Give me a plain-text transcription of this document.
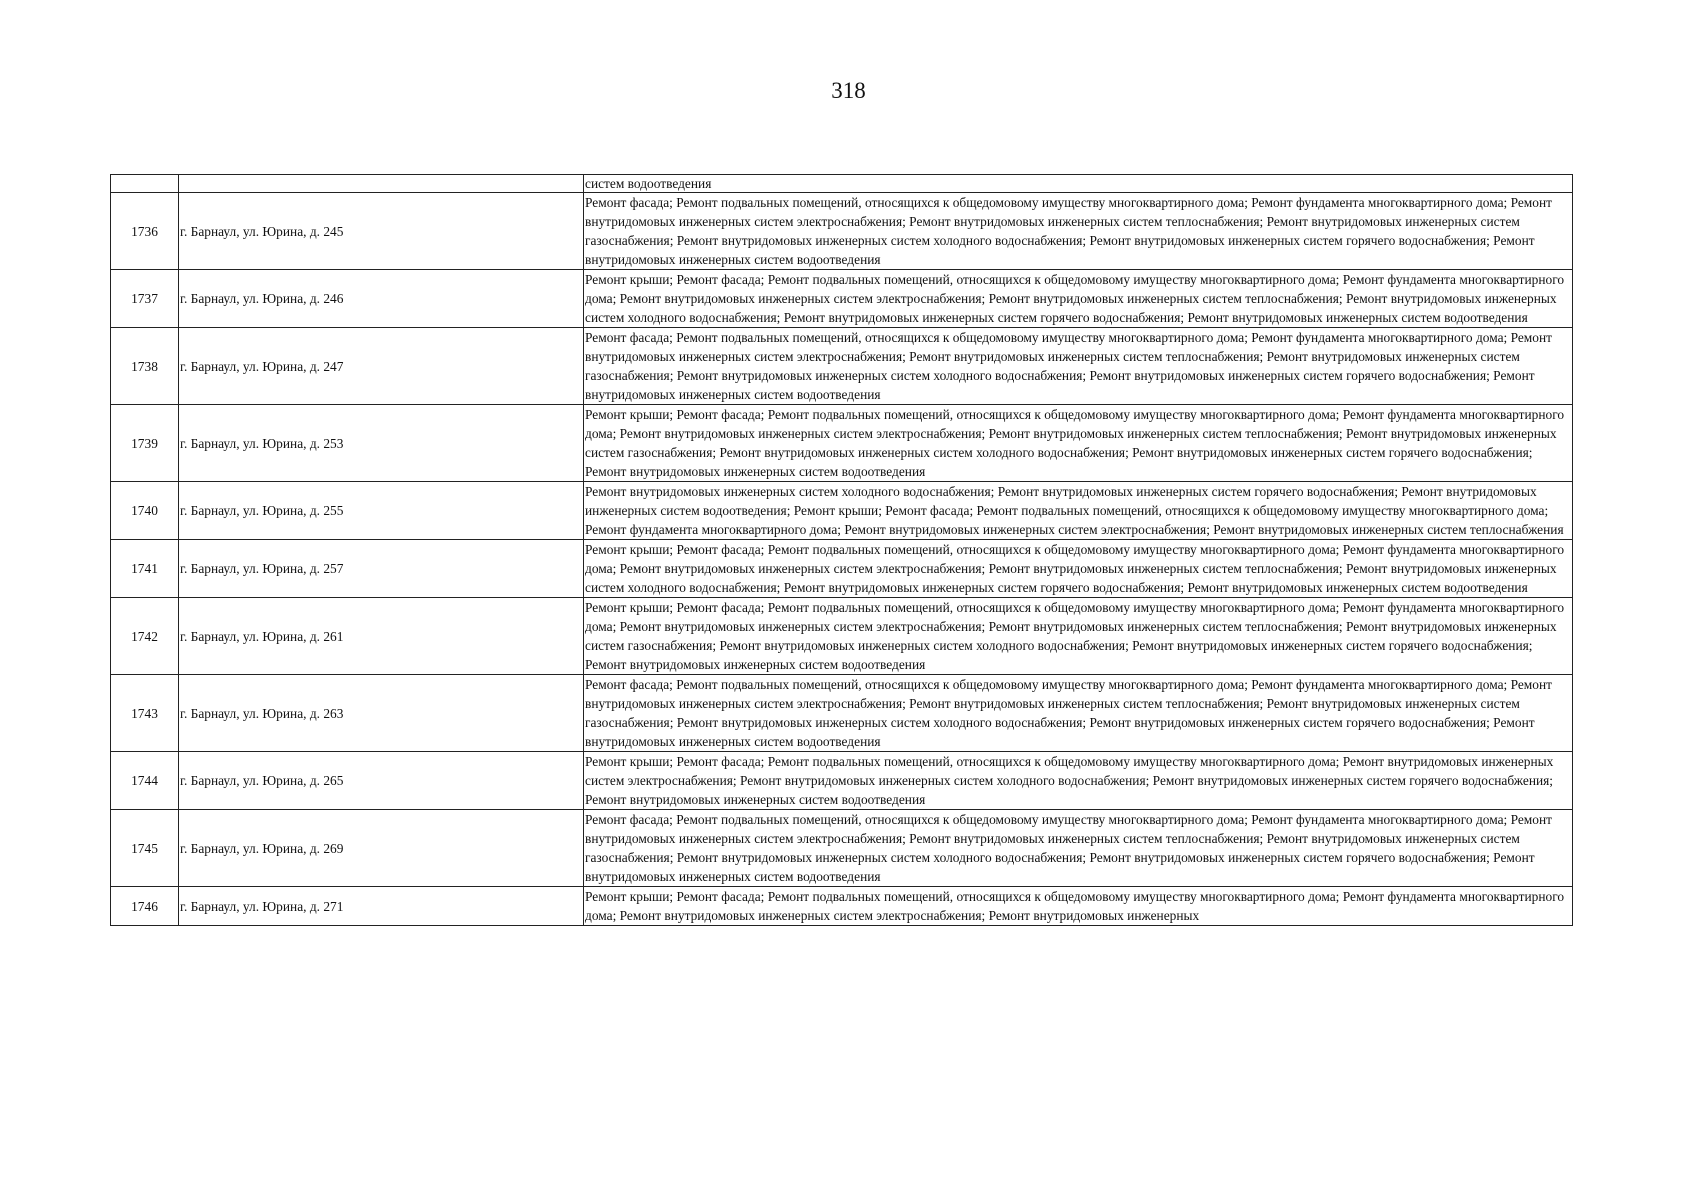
318
		систем водоотведения
1736	г. Барнаул, ул. Юрина, д. 245	Ремонт фасада; Ремонт подвальных помещений, относящихся к общедомовому имуществу многоквартирного дома; Ремонт фундамента многоквартирного дома; Ремонт внутридомовых инженерных систем электроснабжения; Ремонт внутридомовых инженерных систем теплоснабжения; Ремонт внутридомовых инженерных систем газоснабжения; Ремонт внутридомовых инженерных систем холодного водоснабжения; Ремонт внутридомовых инженерных систем горячего водоснабжения; Ремонт внутридомовых инженерных систем водоотведения
1737	г. Барнаул, ул. Юрина, д. 246	Ремонт крыши; Ремонт фасада; Ремонт подвальных помещений, относящихся к общедомовому имуществу многоквартирного дома; Ремонт фундамента многоквартирного дома; Ремонт внутридомовых инженерных систем электроснабжения; Ремонт внутридомовых инженерных систем теплоснабжения; Ремонт внутридомовых инженерных систем холодного водоснабжения; Ремонт внутридомовых инженерных систем горячего водоснабжения; Ремонт внутридомовых инженерных систем водоотведения
1738	г. Барнаул, ул. Юрина, д. 247	Ремонт фасада; Ремонт подвальных помещений, относящихся к общедомовому имуществу многоквартирного дома; Ремонт фундамента многоквартирного дома; Ремонт внутридомовых инженерных систем электроснабжения; Ремонт внутридомовых инженерных систем теплоснабжения; Ремонт внутридомовых инженерных систем газоснабжения; Ремонт внутридомовых инженерных систем холодного водоснабжения; Ремонт внутридомовых инженерных систем горячего водоснабжения; Ремонт внутридомовых инженерных систем водоотведения
1739	г. Барнаул, ул. Юрина, д. 253	Ремонт крыши; Ремонт фасада; Ремонт подвальных помещений, относящихся к общедомовому имуществу многоквартирного дома; Ремонт фундамента многоквартирного дома; Ремонт внутридомовых инженерных систем электроснабжения; Ремонт внутридомовых инженерных систем теплоснабжения; Ремонт внутридомовых инженерных систем газоснабжения; Ремонт внутридомовых инженерных систем холодного водоснабжения; Ремонт внутридомовых инженерных систем горячего водоснабжения; Ремонт внутридомовых инженерных систем водоотведения
1740	г. Барнаул, ул. Юрина, д. 255	Ремонт внутридомовых инженерных систем холодного водоснабжения; Ремонт внутридомовых инженерных систем горячего водоснабжения; Ремонт внутридомовых инженерных систем водоотведения; Ремонт крыши; Ремонт фасада; Ремонт подвальных помещений, относящихся к общедомовому имуществу многоквартирного дома; Ремонт фундамента многоквартирного дома; Ремонт внутридомовых инженерных систем электроснабжения; Ремонт внутридомовых инженерных систем теплоснабжения
1741	г. Барнаул, ул. Юрина, д. 257	Ремонт крыши; Ремонт фасада; Ремонт подвальных помещений, относящихся к общедомовому имуществу многоквартирного дома; Ремонт фундамента многоквартирного дома; Ремонт внутридомовых инженерных систем электроснабжения; Ремонт внутридомовых инженерных систем теплоснабжения; Ремонт внутридомовых инженерных систем холодного водоснабжения; Ремонт внутридомовых инженерных систем горячего водоснабжения; Ремонт внутридомовых инженерных систем водоотведения
1742	г. Барнаул, ул. Юрина, д. 261	Ремонт крыши; Ремонт фасада; Ремонт подвальных помещений, относящихся к общедомовому имуществу многоквартирного дома; Ремонт фундамента многоквартирного дома; Ремонт внутридомовых инженерных систем электроснабжения; Ремонт внутридомовых инженерных систем теплоснабжения; Ремонт внутридомовых инженерных систем газоснабжения; Ремонт внутридомовых инженерных систем холодного водоснабжения; Ремонт внутридомовых инженерных систем горячего водоснабжения; Ремонт внутридомовых инженерных систем водоотведения
1743	г. Барнаул, ул. Юрина, д. 263	Ремонт фасада; Ремонт подвальных помещений, относящихся к общедомовому имуществу многоквартирного дома; Ремонт фундамента многоквартирного дома; Ремонт внутридомовых инженерных систем электроснабжения; Ремонт внутридомовых инженерных систем теплоснабжения; Ремонт внутридомовых инженерных систем газоснабжения; Ремонт внутридомовых инженерных систем холодного водоснабжения; Ремонт внутридомовых инженерных систем горячего водоснабжения; Ремонт внутридомовых инженерных систем водоотведения
1744	г. Барнаул, ул. Юрина, д. 265	Ремонт крыши; Ремонт фасада; Ремонт подвальных помещений, относящихся к общедомовому имуществу многоквартирного дома; Ремонт внутридомовых инженерных систем электроснабжения; Ремонт внутридомовых инженерных систем холодного водоснабжения; Ремонт внутридомовых инженерных систем горячего водоснабжения; Ремонт внутридомовых инженерных систем водоотведения
1745	г. Барнаул, ул. Юрина, д. 269	Ремонт фасада; Ремонт подвальных помещений, относящихся к общедомовому имуществу многоквартирного дома; Ремонт фундамента многоквартирного дома; Ремонт внутридомовых инженерных систем электроснабжения; Ремонт внутридомовых инженерных систем теплоснабжения; Ремонт внутридомовых инженерных систем газоснабжения; Ремонт внутридомовых инженерных систем холодного водоснабжения; Ремонт внутридомовых инженерных систем горячего водоснабжения; Ремонт внутридомовых инженерных систем водоотведения
1746	г. Барнаул, ул. Юрина, д. 271	Ремонт крыши; Ремонт фасада; Ремонт подвальных помещений, относящихся к общедомовому имуществу многоквартирного дома; Ремонт фундамента многоквартирного дома; Ремонт внутридомовых инженерных систем электроснабжения; Ремонт внутридомовых инженерных
